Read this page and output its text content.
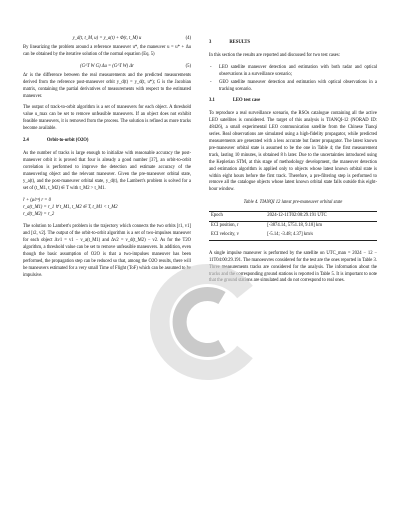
y_d(t, t_M, u) = y_a(t) + Φ(t, t_M) u	(4)

By linearizing the problem around a reference maneuver u*, the maneuver u = u* + Δu can be obtained by the iterative solution of the normal equation (Eq. 5)

(G^T W G) Δu = (G^T W) Δr	(5)

Δr is the difference between the real measurements and the predicted measurements derived from the reference post-maneuver orbit y_d(t) = y_d(t, u*); G is the Jacobian matrix, containing the partial derivatives of measurements with respect to the estimated maneuver.

The output of track-to-orbit algorithm is a set of maneuvers for each object. A threshold value u_max can be set to remove unfeasible maneuvers. If an object does not exhibit feasible maneuvers, it is removed from the process. The solution is refined as more tracks become available.

2.4	Orbit-to-orbit (O2O)

As the number of tracks is large enough to initialize with reasonable accuracy the post-maneuver orbit it is proved that four is already a good number [37], an orbit-to-orbit correlation is performed to improve the detection and estimate accuracy of the maneuvering object and the relevant maneuver. Given the pre-maneuver orbital state, y_a(t), and the post-maneuver orbital state, y_d(t), the Lambert's problem is solved for a set of (t_M1, t_M2) ∈ T with t_M2 > t_M1.

r̈ + (μ/r³) r = 0
r_a(t_M1) = r_1 ∀ t_M1, t_M2 ∈ T, t_M1 < t_M2
r_d(t_M2) = r_2

The solution to Lambert's problem is the trajectory which connects the two orbits [r1, v1] and [r2, v2]. The output of the orbit-to-orbit algorithm is a set of two-impulses maneuver for each object Δv1 = v1 − v_a(t_M1) and Δv2 = v_d(t_M2) − v2. As for the T2O algorithm, a threshold value can be set to remove unfeasible maneuvers. In addition, even though the basic assumption of O2O is that a two-impulses maneuver has been performed, the propagation step can be reduced so that, among the O2O results, there will be maneuvers estimated for a very small Time of Flight (ToF) which can be assumed to be impulsive.

3	RESULTS

In this section the results are reported and discussed for two test cases:

- LEO satellite maneuver detection and estimation with both radar and optical observations in a surveillance scenario;
- GEO satellite maneuver detection and estimation with optical observations in a tracking scenario.
3.1	LEO test case

To reproduce a real surveillance scenario, the RSOs catalogue containing all the active LEO satellites is considered. The target of this analysis is TIANQI-12 (NORAD ID: 48426), a small experimental LEO communication satellite from the Chinese Tianqi series. Real observations are simulated using a high-fidelity propagator, while predicted measurements are generated with a less accurate but faster propagator. The latest known pre-maneuver orbital state is assumed to be the one in Table 4; the first measurement track, lasting 10 minutes, is obtained 8 h later. Due to the uncertainties introduced using the Keplerian STM, at this stage of methodology development, the maneuver detection and estimation algorithm is applied only to objects whose latest known orbital state is within eight hours before the first track. Therefore, a pre-filtering step is performed to remove all the catalogue objects whose latest known orbital state falls outside this eight-hour window.

Table 4. TIANQI 12 latest pre-maneuver orbital state
Epoch	2024-12-11T02:00:29.191 UTC
ECI position, r	[-3874.14, 5751.18, 9.18] km
ECI velocity, v	[-5.14; -3.48; 4.37] km/s

A single impulse maneuver is performed by the satellite on UTC_man = 2024 − 12 − 11T04:00:29.191. The manoeuvres considered for the test are the ones reported in Table 3. Three measurements tracks are considered for the analysis. The information about the tracks and the corresponding ground stations is reported in Table 5. It is important to note that the ground stations are simulated and do not correspond to real ones.
